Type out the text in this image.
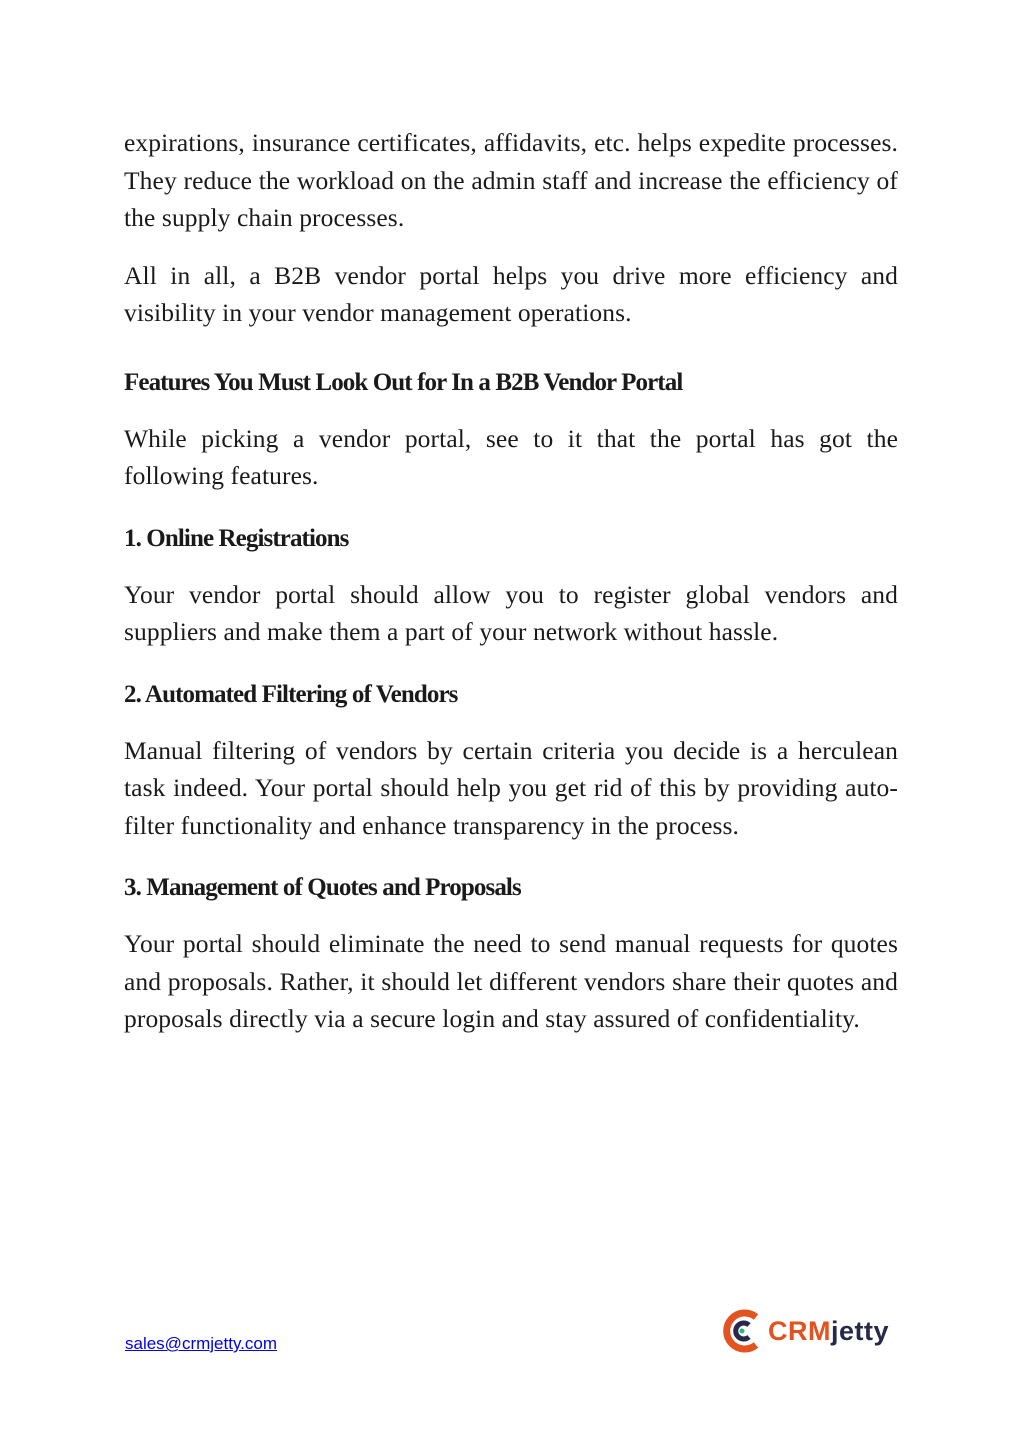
expirations, insurance certificates, affidavits, etc. helps expedite processes. They reduce the workload on the admin staff and increase the efficiency of the supply chain processes.

All in all, a B2B vendor portal helps you drive more efficiency and visibility in your vendor management operations.

Features You Must Look Out for In a B2B Vendor Portal

While picking a vendor portal, see to it that the portal has got the following features.

1. Online Registrations

Your vendor portal should allow you to register global vendors and suppliers and make them a part of your network without hassle.

2. Automated Filtering of Vendors

Manual filtering of vendors by certain criteria you decide is a herculean task indeed. Your portal should help you get rid of this by providing auto-filter functionality and enhance transparency in the process.

3. Management of Quotes and Proposals

Your portal should eliminate the need to send manual requests for quotes and proposals. Rather, it should let different vendors share their quotes and proposals directly via a secure login and stay assured of confidentiality.

sales@crmjetty.com	CRMjetty
